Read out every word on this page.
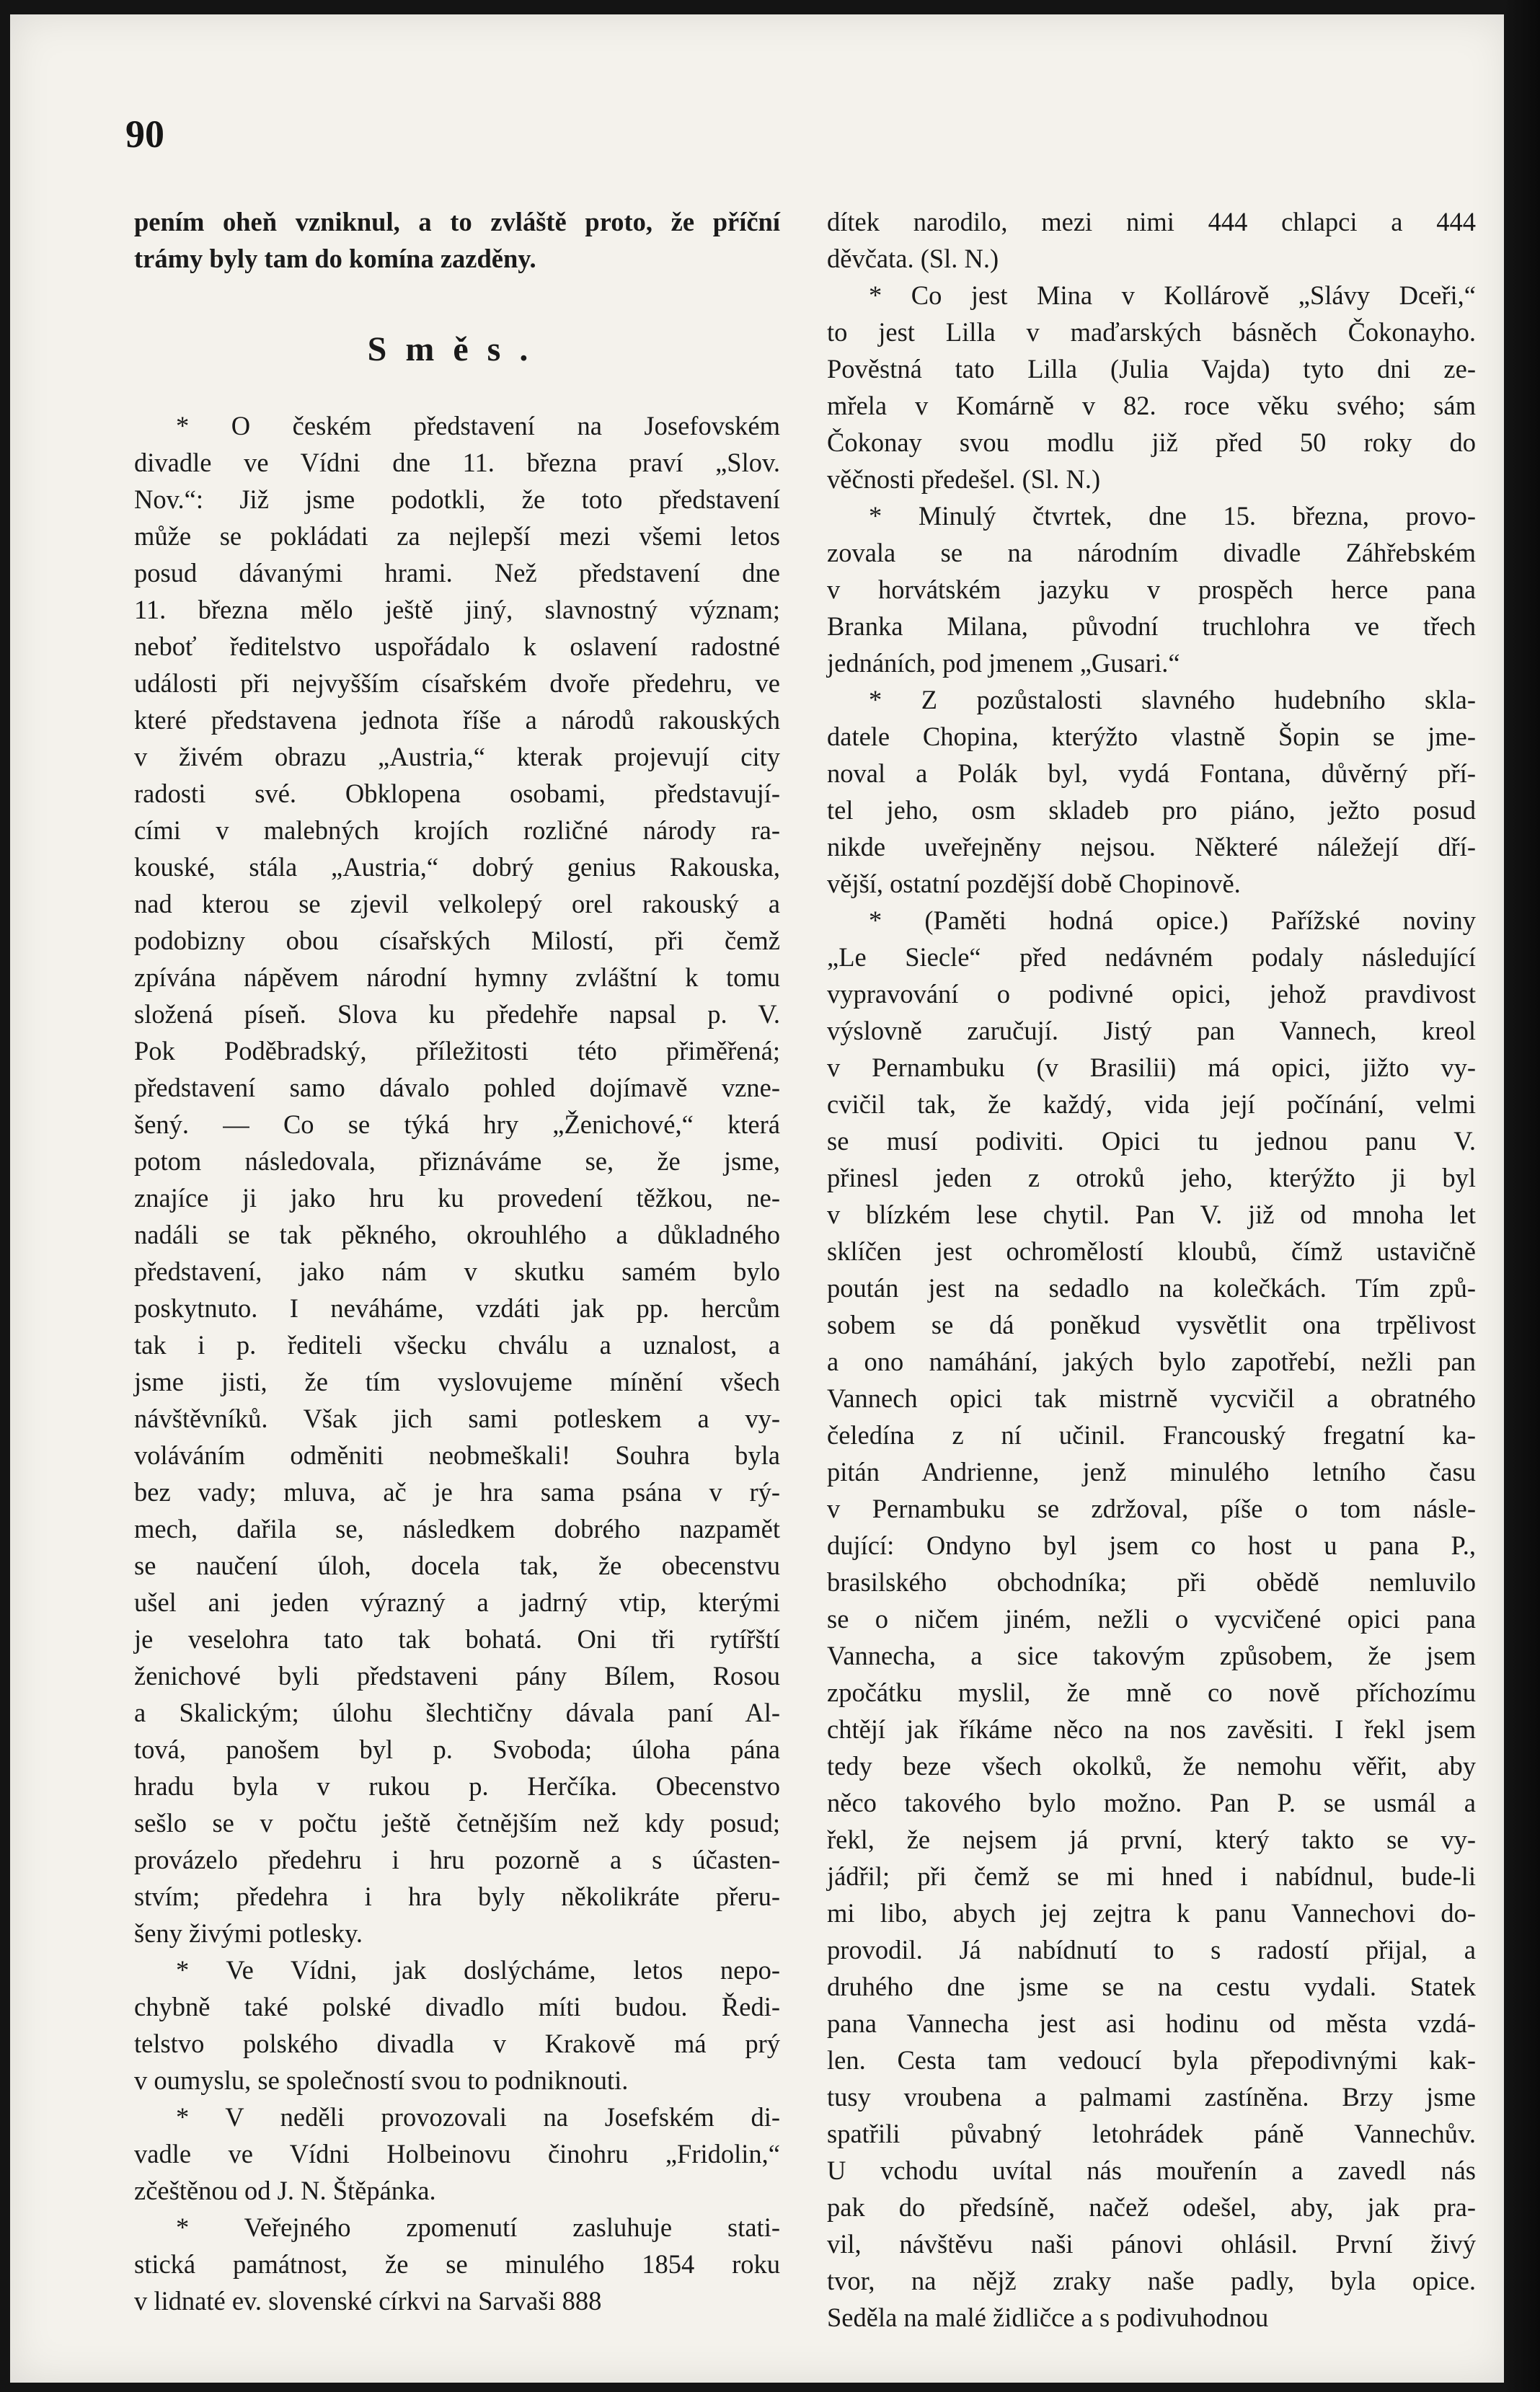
90
pením oheň vzniknul, a to zvláště proto, že příční
trámy byly tam do komína zazděny.
Směs.
* O českém představení na Josefovském
divadle ve Vídni dne 11. března praví „Slov.
Nov.“: Již jsme podotkli, že toto představení
může se pokládati za nejlepší mezi všemi letos
posud dávanými hrami. Než představení dne
11. března mělo ještě jiný, slavnostný význam;
neboť ředitelstvo uspořádalo k oslavení radostné
události při nejvyšším císařském dvoře předehru, ve
které představena jednota říše a národů rakouských
v živém obrazu „Austria,“ kterak projevují city
radosti své. Obklopena osobami, představují-
cími v malebných krojích rozličné národy ra-
kouské, stála „Austria,“ dobrý genius Rakouska,
nad kterou se zjevil velkolepý orel rakouský a
podobizny obou císařských Milostí, při čemž
zpívána nápěvem národní hymny zvláštní k tomu
složená píseň. Slova ku předehře napsal p. V.
Pok Poděbradský, příležitosti této přiměřená;
představení samo dávalo pohled dojímavě vzne-
šený. — Co se týká hry „Ženichové,“ která
potom následovala, přiznáváme se, že jsme,
znajíce ji jako hru ku provedení těžkou, ne-
nadáli se tak pěkného, okrouhlého a důkladného
představení, jako nám v skutku samém bylo
poskytnuto. I neváháme, vzdáti jak pp. hercům
tak i p. řediteli všecku chválu a uznalost, a
jsme jisti, že tím vyslovujeme mínění všech
návštěvníků. Však jich sami potleskem a vy-
voláváním odměniti neobmeškali! Souhra byla
bez vady; mluva, ač je hra sama psána v rý-
mech, dařila se, následkem dobrého nazpamět
se naučení úloh, docela tak, že obecenstvu
ušel ani jeden výrazný a jadrný vtip, kterými
je veselohra tato tak bohatá. Oni tři rytířští
ženichové byli představeni pány Bílem, Rosou
a Skalickým; úlohu šlechtičny dávala paní Al-
tová, panošem byl p. Svoboda; úloha pána
hradu byla v rukou p. Herčíka. Obecenstvo
sešlo se v počtu ještě četnějším než kdy posud;
provázelo předehru i hru pozorně a s účasten-
stvím; předehra i hra byly několikráte přeru-
šeny živými potlesky.
* Ve Vídni, jak doslýcháme, letos nepo-
chybně také polské divadlo míti budou. Ředi-
telstvo polského divadla v Krakově má prý
v oumyslu, se společností svou to podniknouti.
* V neděli provozovali na Josefském di-
vadle ve Vídni Holbeinovu činohru „Fridolin,“
zčeštěnou od J. N. Štěpánka.
* Veřejného zpomenutí zasluhuje stati-
stická památnost, že se minulého 1854 roku
v lidnaté ev. slovenské církvi na Sarvaši 888
dítek narodilo, mezi nimi 444 chlapci a 444
děvčata. (Sl. N.)
* Co jest Mina v Kollárově „Slávy Dceři,“
to jest Lilla v maďarských básněch Čokonayho.
Pověstná tato Lilla (Julia Vajda) tyto dni ze-
mřela v Komárně v 82. roce věku svého; sám
Čokonay svou modlu již před 50 roky do
věčnosti předešel. (Sl. N.)
* Minulý čtvrtek, dne 15. března, provo-
zovala se na národním divadle Záhřebském
v horvátském jazyku v prospěch herce pana
Branka Milana, původní truchlohra ve třech
jednáních, pod jmenem „Gusari.“
* Z pozůstalosti slavného hudebního skla-
datele Chopina, kterýžto vlastně Šopin se jme-
noval a Polák byl, vydá Fontana, důvěrný pří-
tel jeho, osm skladeb pro piáno, ježto posud
nikde uveřejněny nejsou. Některé náležejí dří-
vější, ostatní pozdější době Chopinově.
* (Paměti hodná opice.) Pařížské noviny
„Le Siecle“ před nedávném podaly následující
vypravování o podivné opici, jehož pravdivost
výslovně zaručují. Jistý pan Vannech, kreol
v Pernambuku (v Brasilii) má opici, jižto vy-
cvičil tak, že každý, vida její počínání, velmi
se musí podiviti. Opici tu jednou panu V.
přinesl jeden z otroků jeho, kterýžto ji byl
v blízkém lese chytil. Pan V. již od mnoha let
sklíčen jest ochromělostí kloubů, čímž ustavičně
poután jest na sedadlo na kolečkách. Tím způ-
sobem se dá poněkud vysvětlit ona trpělivost
a ono namáhání, jakých bylo zapotřebí, nežli pan
Vannech opici tak mistrně vycvičil a obratného
čeledína z ní učinil. Francouský fregatní ka-
pitán Andrienne, jenž minulého letního času
v Pernambuku se zdržoval, píše o tom násle-
dující: Ondyno byl jsem co host u pana P.,
brasilského obchodníka; při obědě nemluvilo
se o ničem jiném, nežli o vycvičené opici pana
Vannecha, a sice takovým způsobem, že jsem
zpočátku myslil, že mně co nově příchozímu
chtějí jak říkáme něco na nos zavěsiti. I řekl jsem
tedy beze všech okolků, že nemohu věřit, aby
něco takového bylo možno. Pan P. se usmál a
řekl, že nejsem já první, který takto se vy-
jádřil; při čemž se mi hned i nabídnul, bude-li
mi libo, abych jej zejtra k panu Vannechovi do-
provodil. Já nabídnutí to s radostí přijal, a
druhého dne jsme se na cestu vydali. Statek
pana Vannecha jest asi hodinu od města vzdá-
len. Cesta tam vedoucí byla přepodivnými kak-
tusy vroubena a palmami zastíněna. Brzy jsme
spatřili půvabný letohrádek páně Vannechův.
U vchodu uvítal nás mouřenín a zavedl nás
pak do předsíně, načež odešel, aby, jak pra-
vil, návštěvu naši pánovi ohlásil. První živý
tvor, na nějž zraky naše padly, byla opice.
Seděla na malé židličce a s podivuhodnou
